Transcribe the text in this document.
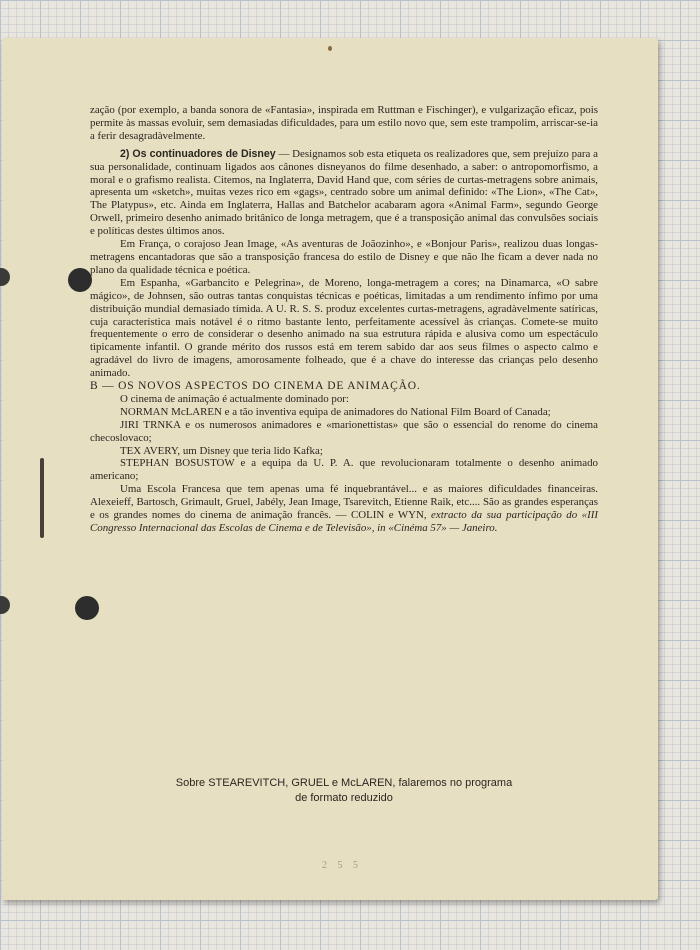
zação (por exemplo, a banda sonora de «Fantasia», inspirada em Ruttman e Fischinger), e vulgarização eficaz, pois permite às massas evoluir, sem demasiadas dificuldades, para um estilo novo que, sem este trampolim, arriscar-se-ia a ferir desagradàvelmente.

2) Os continuadores de Disney — Designamos sob esta etiqueta os realizadores que, sem prejuízo para a sua personalidade, continuam ligados aos cânones disneyanos do filme desenhado, a saber: o antropomorfismo, a moral e o grafismo realista. Citemos, na Inglaterra, David Hand que, com séries de curtas-metragens sobre animais, apresenta um «sketch», muitas vezes rico em «gags», centrado sobre um animal definido: «The Lion», «The Cat», The Platypus», etc. Ainda em Inglaterra, Hallas and Batchelor acabaram agora «Animal Farm», segundo George Orwell, primeiro desenho animado britânico de longa metragem, que é a transposição animal das convulsões sociais e políticas destes últimos anos.

Em França, o corajoso Jean Image, «As aventuras de Joãozinho», e «Bonjour Paris», realizou duas longas-metragens encantadoras que são a transposição francesa do estilo de Disney e que não lhe ficam a dever nada no plano da qualidade técnica e poética.

Em Espanha, «Garbancito e Pelegrina», de Moreno, longa-metragem a cores; na Dinamarca, «O sabre mágico», de Johnsen, são outras tantas conquistas técnicas e poéticas, limitadas a um rendimento ínfimo por uma distribuição mundial demasiado tímida. A U. R. S. S. produz excelentes curtas-metragens, agradàvelmente satíricas, cuja característica mais notável é o ritmo bastante lento, perfeitamente acessível às crianças. Comete-se muito frequentemente o erro de considerar o desenho animado na sua estrutura rápida e alusiva como um espectáculo tìpicamente infantil. O grande mérito dos russos está em terem sabido dar aos seus filmes o aspecto calmo e agradável do livro de imagens, amorosamente folheado, que é a chave do interesse das crianças pelo desenho animado.

B — OS NOVOS ASPECTOS DO CINEMA DE ANIMAÇÃO.

O cinema de animação é actualmente dominado por:

NORMAN McLAREN e a tão inventiva equipa de animadores do National Film Board of Canada;

JIRI TRNKA e os numerosos animadores e «marionettistas» que são o essencial do renome do cinema checoslovaco;

TEX AVERY, um Disney que teria lido Kafka;

STEPHAN BOSUSTOW e a equipa da U. P. A. que revolucionaram totalmente o desenho animado americano;

Uma Escola Francesa que tem apenas uma fé inquebrantável... e as maiores dificuldades financeiras. Alexeieff, Bartosch, Grimault, Gruel, Jabély, Jean Image, Tsarevitch, Etienne Raik, etc.... São as grandes esperanças e os grandes nomes do cinema de animação francês. — COLIN e WYN, extracto da sua participação do «III Congresso Internacional das Escolas de Cinema e de Televisão», in «Cinéma 57» — Janeiro.

Sobre STEAREVITCH, GRUEL e McLAREN, falaremos no programa
de formato reduzido
2 5 5
